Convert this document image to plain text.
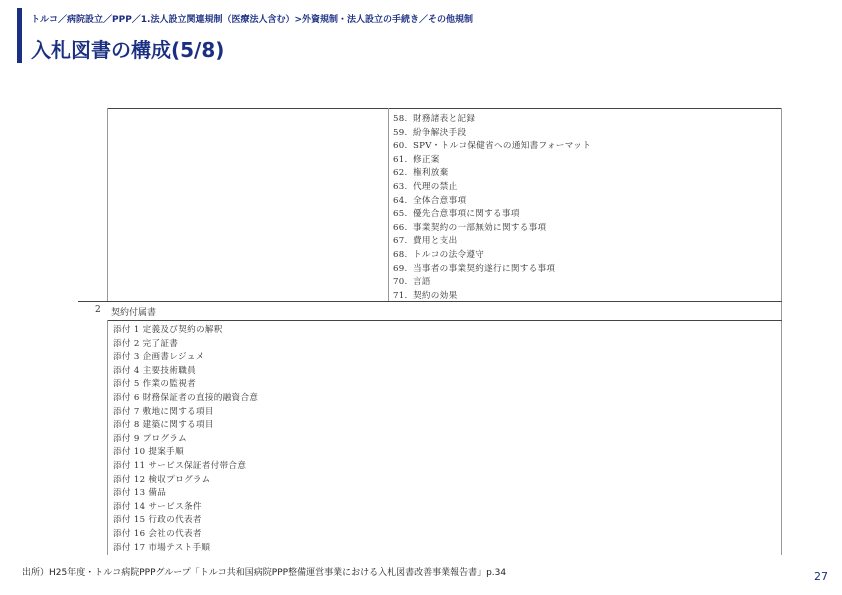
トルコ／病院設立／PPP／1.法人設立関連規制（医療法人含む）>外資規制・法人設立の手続き／その他規制
入札図書の構成(5/8)
58. 財務諸表と記録
59. 紛争解決手段
60. SPV・トルコ保健省への通知書フォーマット
61. 修正案
62. 権利放棄
63. 代理の禁止
64. 全体合意事項
65. 優先合意事項に関する事項
66. 事業契約の一部無効に関する事項
67. 費用と支出
68. トルコの法令遵守
69. 当事者の事業契約遂行に関する事項
70. 言語
71. 契約の効果
2 契約付属書
添付 1 定義及び契約の解釈
添付 2 完了証書
添付 3 企画書レジュメ
添付 4 主要技術職員
添付 5 作業の監視者
添付 6 財務保証者の直接的融資合意
添付 7 敷地に関する項目
添付 8 建築に関する項目
添付 9 プログラム
添付 10 提案手順
添付 11 サービス保証者付帯合意
添付 12 検収プログラム
添付 13 備品
添付 14 サービス条件
添付 15 行政の代表者
添付 16 会社の代表者
添付 17 市場テスト手順
出所）H25年度・トルコ病院PPPグループ「トルコ共和国病院PPP整備運営事業における入札図書改善事業報告書」p.34	27
